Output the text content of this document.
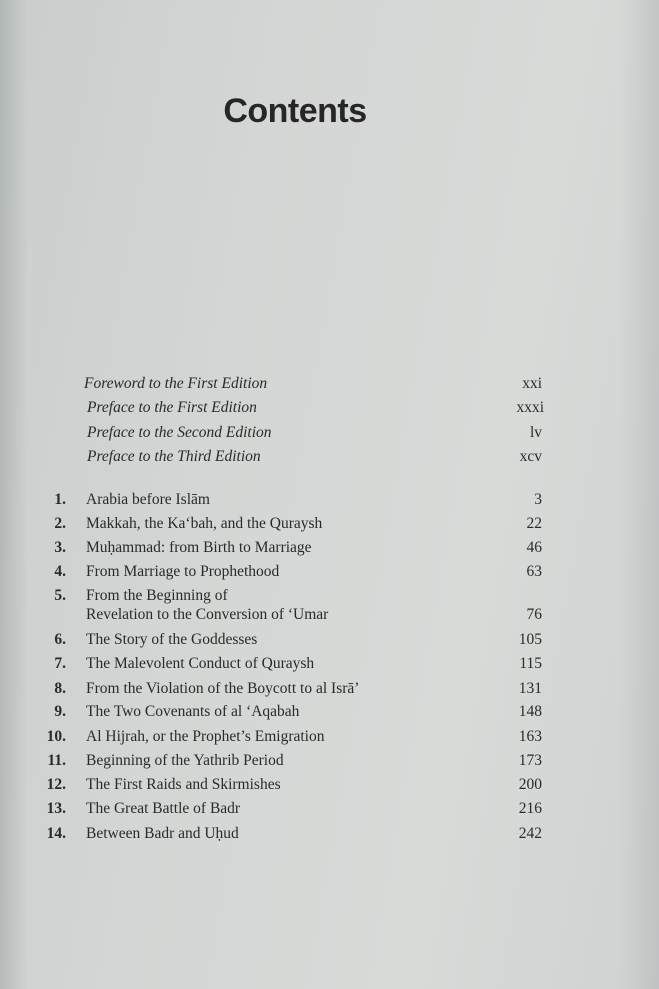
Contents
Foreword to the First Edition	xxi
Preface to the First Edition	xxxi
Preface to the Second Edition	lv
Preface to the Third Edition	xcv
1. Arabia before Islām	3
2. Makkah, the Ka‘bah, and the Quraysh	22
3. Muḥammad: from Birth to Marriage	46
4. From Marriage to Prophethood	63
5. From the Beginning of
Revelation to the Conversion of ‘Umar	76
6. The Story of the Goddesses	105
7. The Malevolent Conduct of Quraysh	115
8. From the Violation of the Boycott to al Isrā’	131
9. The Two Covenants of al ‘Aqabah	148
10. Al Hijrah, or the Prophet’s Emigration	163
11. Beginning of the Yathrib Period	173
12. The First Raids and Skirmishes	200
13. The Great Battle of Badr	216
14. Between Badr and Uḥud	242
